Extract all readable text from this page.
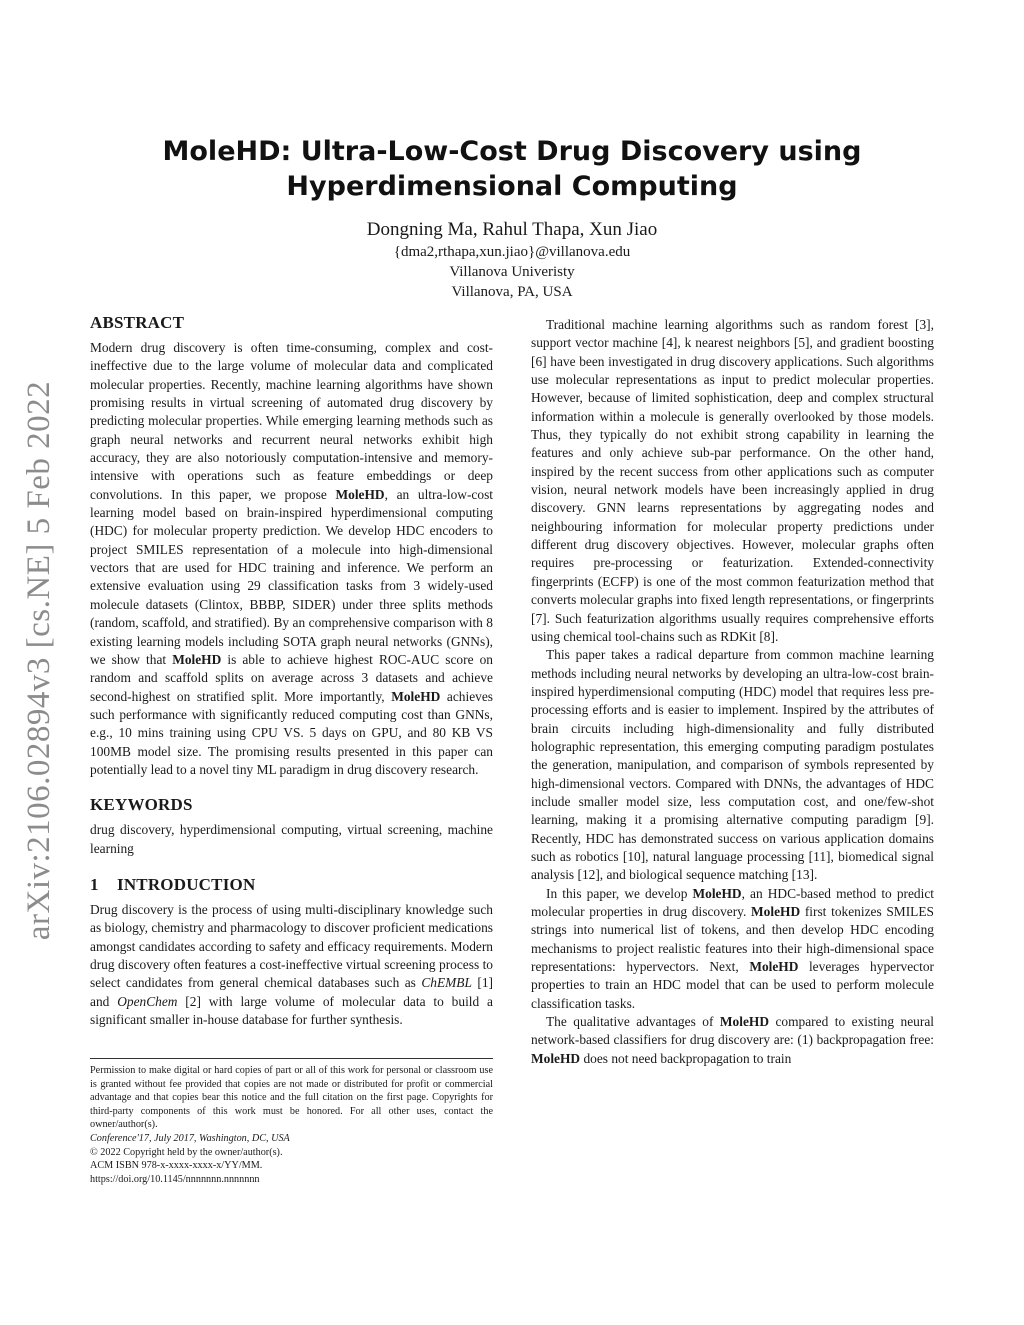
arXiv:2106.02894v3 [cs.NE] 5 Feb 2022
MoleHD: Ultra-Low-Cost Drug Discovery using
Hyperdimensional Computing
Dongning Ma, Rahul Thapa, Xun Jiao
{dma2,rthapa,xun.jiao}@villanova.edu
Villanova Univeristy
Villanova, PA, USA
ABSTRACT

Modern drug discovery is often time-consuming, complex and cost-ineffective due to the large volume of molecular data and complicated molecular properties. Recently, machine learning algorithms have shown promising results in virtual screening of automated drug discovery by predicting molecular properties. While emerging learning methods such as graph neural networks and recurrent neural networks exhibit high accuracy, they are also notoriously computation-intensive and memory-intensive with operations such as feature embeddings or deep convolutions. In this paper, we propose MoleHD, an ultra-low-cost learning model based on brain-inspired hyperdimensional computing (HDC) for molecular property prediction. We develop HDC encoders to project SMILES representation of a molecule into high-dimensional vectors that are used for HDC training and inference. We perform an extensive evaluation using 29 classification tasks from 3 widely-used molecule datasets (Clintox, BBBP, SIDER) under three splits methods (random, scaffold, and stratified). By an comprehensive comparison with 8 existing learning models including SOTA graph neural networks (GNNs), we show that MoleHD is able to achieve highest ROC-AUC score on random and scaffold splits on average across 3 datasets and achieve second-highest on stratified split. More importantly, MoleHD achieves such performance with significantly reduced computing cost than GNNs, e.g., 10 mins training using CPU VS. 5 days on GPU, and 80 KB VS 100MB model size. The promising results presented in this paper can potentially lead to a novel tiny ML paradigm in drug discovery research.

KEYWORDS

drug discovery, hyperdimensional computing, virtual screening, machine learning

1 INTRODUCTION

Drug discovery is the process of using multi-disciplinary knowledge such as biology, chemistry and pharmacology to discover proficient medications amongst candidates according to safety and efficacy requirements. Modern drug discovery often features a cost-ineffective virtual screening process to select candidates from general chemical databases such as ChEMBL [1] and OpenChem [2] with large volume of molecular data to build a significant smaller in-house database for further synthesis.

Traditional machine learning algorithms such as random forest [3], support vector machine [4], k nearest neighbors [5], and gradient boosting [6] have been investigated in drug discovery applications. Such algorithms use molecular representations as input to predict molecular properties. However, because of limited sophistication, deep and complex structural information within a molecule is generally overlooked by those models. Thus, they typically do not exhibit strong capability in learning the features and only achieve sub-par performance. On the other hand, inspired by the recent success from other applications such as computer vision, neural network models have been increasingly applied in drug discovery. GNN learns representations by aggregating nodes and neighbouring information for molecular property predictions under different drug discovery objectives. However, molecular graphs often requires pre-processing or featurization. Extended-connectivity fingerprints (ECFP) is one of the most common featurization method that converts molecular graphs into fixed length representations, or fingerprints [7]. Such featurization algorithms usually requires comprehensive efforts using chemical tool-chains such as RDKit [8].

This paper takes a radical departure from common machine learning methods including neural networks by developing an ultra-low-cost brain-inspired hyperdimensional computing (HDC) model that requires less pre-processing efforts and is easier to implement. Inspired by the attributes of brain circuits including high-dimensionality and fully distributed holographic representation, this emerging computing paradigm postulates the generation, manipulation, and comparison of symbols represented by high-dimensional vectors. Compared with DNNs, the advantages of HDC include smaller model size, less computation cost, and one/few-shot learning, making it a promising alternative computing paradigm [9]. Recently, HDC has demonstrated success on various application domains such as robotics [10], natural language processing [11], biomedical signal analysis [12], and biological sequence matching [13].

In this paper, we develop MoleHD, an HDC-based method to predict molecular properties in drug discovery. MoleHD first tokenizes SMILES strings into numerical list of tokens, and then develop HDC encoding mechanisms to project realistic features into their high-dimensional space representations: hypervectors. Next, MoleHD leverages hypervector properties to train an HDC model that can be used to perform molecule classification tasks.

The qualitative advantages of MoleHD compared to existing neural network-based classifiers for drug discovery are: (1) backpropagation free: MoleHD does not need backpropagation to train

Permission to make digital or hard copies of part or all of this work for personal or classroom use is granted without fee provided that copies are not made or distributed for profit or commercial advantage and that copies bear this notice and the full citation on the first page. Copyrights for third-party components of this work must be honored. For all other uses, contact the owner/author(s).

Conference'17, July 2017, Washington, DC, USA

© 2022 Copyright held by the owner/author(s).

ACM ISBN 978-x-xxxx-xxxx-x/YY/MM.

https://doi.org/10.1145/nnnnnnn.nnnnnnn
